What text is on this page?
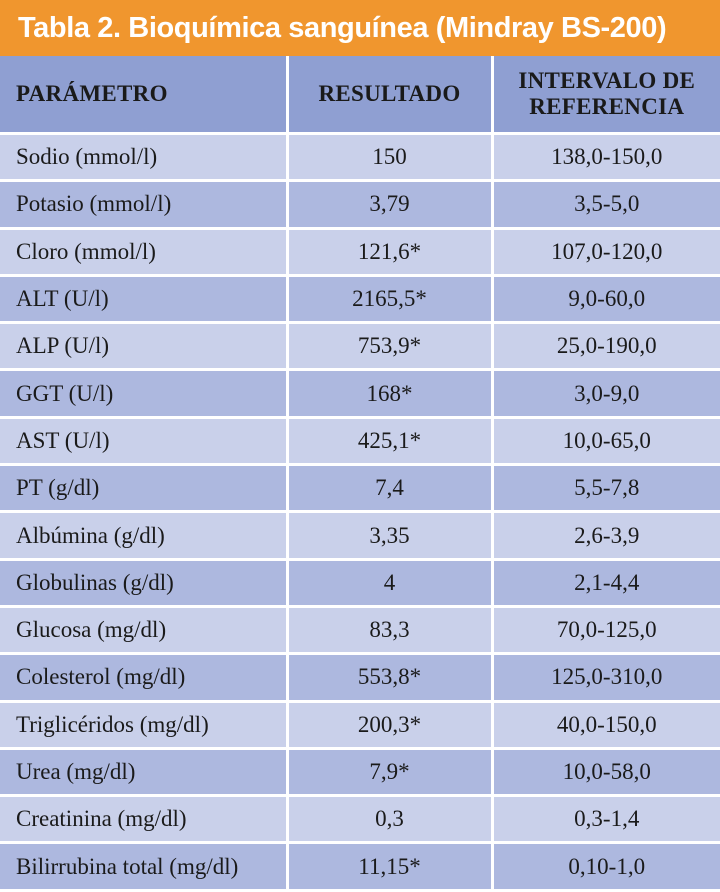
Tabla 2. Bioquímica sanguínea (Mindray BS-200)
PARÁMETRO	RESULTADO	INTERVALO DE
REFERENCIA
Sodio (mmol/l)	150	138,0-150,0
Potasio (mmol/l)	3,79	3,5-5,0
Cloro (mmol/l)	121,6*	107,0-120,0
ALT (U/l)	2165,5*	9,0-60,0
ALP (U/l)	753,9*	25,0-190,0
GGT (U/l)	168*	3,0-9,0
AST (U/l)	425,1*	10,0-65,0
PT (g/dl)	7,4	5,5-7,8
Albúmina (g/dl)	3,35	2,6-3,9
Globulinas (g/dl)	4	2,1-4,4
Glucosa (mg/dl)	83,3	70,0-125,0
Colesterol (mg/dl)	553,8*	125,0-310,0
Triglicéridos (mg/dl)	200,3*	40,0-150,0
Urea (mg/dl)	7,9*	10,0-58,0
Creatinina (mg/dl)	0,3	0,3-1,4
Bilirrubina total (mg/dl)	11,15*	0,10-1,0
